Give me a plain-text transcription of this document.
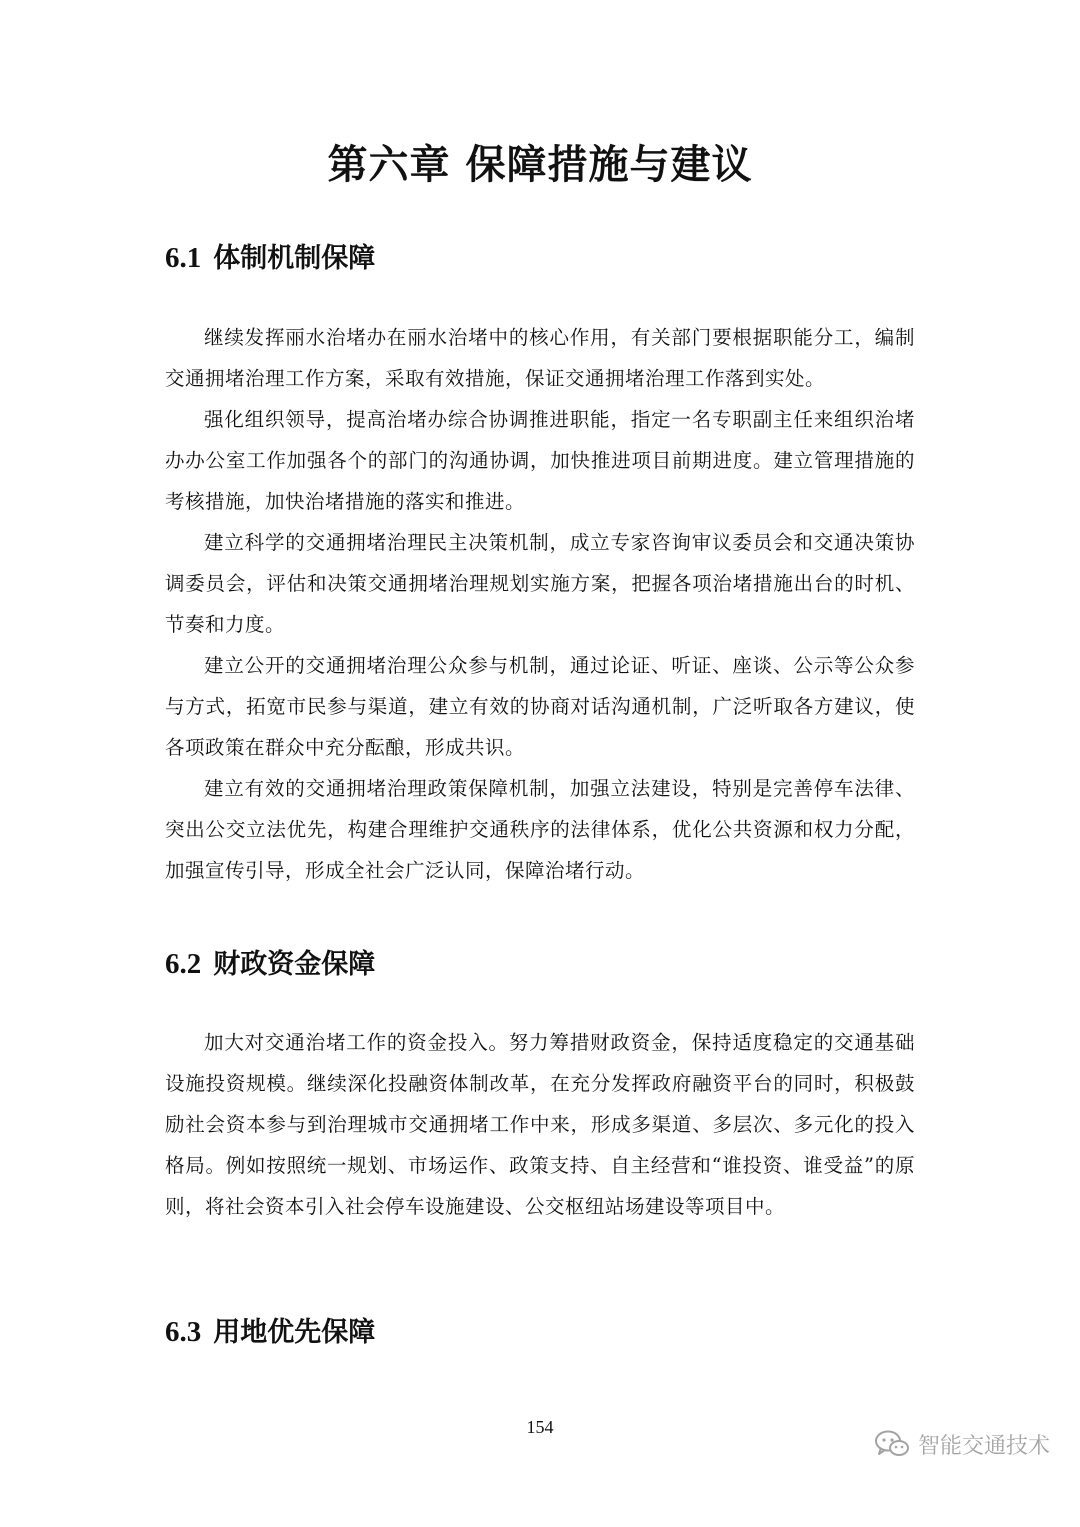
第六章 保障措施与建议
6.1 体制机制保障

继续发挥丽水治堵办在丽水治堵中的核心作用，有关部门要根据职能分工，编制交通拥堵治理工作方案，采取有效措施，保证交通拥堵治理工作落到实处。

强化组织领导，提高治堵办综合协调推进职能，指定一名专职副主任来组织治堵办办公室工作加强各个的部门的沟通协调，加快推进项目前期进度。建立管理措施的考核措施，加快治堵措施的落实和推进。

建立科学的交通拥堵治理民主决策机制，成立专家咨询审议委员会和交通决策协调委员会，评估和决策交通拥堵治理规划实施方案，把握各项治堵措施出台的时机、节奏和力度。

建立公开的交通拥堵治理公众参与机制，通过论证、听证、座谈、公示等公众参与方式，拓宽市民参与渠道，建立有效的协商对话沟通机制，广泛听取各方建议，使各项政策在群众中充分酝酿，形成共识。

建立有效的交通拥堵治理政策保障机制，加强立法建设，特别是完善停车法律、突出公交立法优先，构建合理维护交通秩序的法律体系，优化公共资源和权力分配，加强宣传引导，形成全社会广泛认同，保障治堵行动。

6.2 财政资金保障

加大对交通治堵工作的资金投入。努力筹措财政资金，保持适度稳定的交通基础设施投资规模。继续深化投融资体制改革，在充分发挥政府融资平台的同时，积极鼓励社会资本参与到治理城市交通拥堵工作中来，形成多渠道、多层次、多元化的投入格局。例如按照统一规划、市场运作、政策支持、自主经营和“谁投资、谁受益”的原则，将社会资本引入社会停车设施建设、公交枢纽站场建设等项目中。

6.3 用地优先保障
154
智能交通技术
